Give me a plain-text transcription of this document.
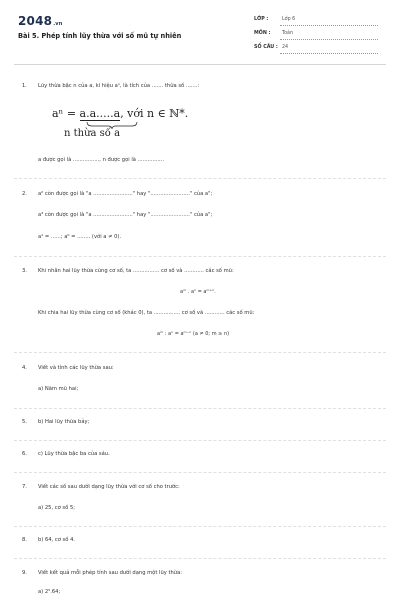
2048.vn
Bài 5. Phép tính lũy thừa với số mũ tự nhiên
LỚP :	Lớp 6
MÔN : Toán
SỐ CÂU : 24
1. Lũy thừa bậc n của a, kí hiệu aⁿ, là tích của ....... thừa số .......:
aⁿ = a.a.....a, với n ∈ ℕ*.
n thừa số a
a được gọi là ................, n được gọi là ................
2. a² còn được gọi là "a ........................" hay "........................" của a";
a³ còn được gọi là "a ........................" hay "........................" của a";
a¹ = ......; a⁰ = ........ (với a ≠ 0).
3. Khi nhân hai lũy thừa cùng cơ số, ta ................ cơ số và ............ các số mũ:
aᵐ . aⁿ = aᵐ⁺ⁿ.
Khi chia hai lũy thừa cùng cơ số (khác 0), ta ................ cơ số và ............ các số mũ:
aᵐ : aⁿ = aᵐ⁻ⁿ (a ≠ 0; m ≥ n)
4. Viết và tính các lũy thừa sau:
a) Năm mũ hai;
5. b) Hai lũy thừa bảy;
6. c) Lũy thừa bậc ba của sáu.
7. Viết các số sau dưới dạng lũy thừa với cơ số cho trước:
a) 25, cơ số 5;
8. b) 64, cơ số 4.
9. Viết kết quả mỗi phép tính sau dưới dạng một lũy thừa:
a) 2⁵.64;
